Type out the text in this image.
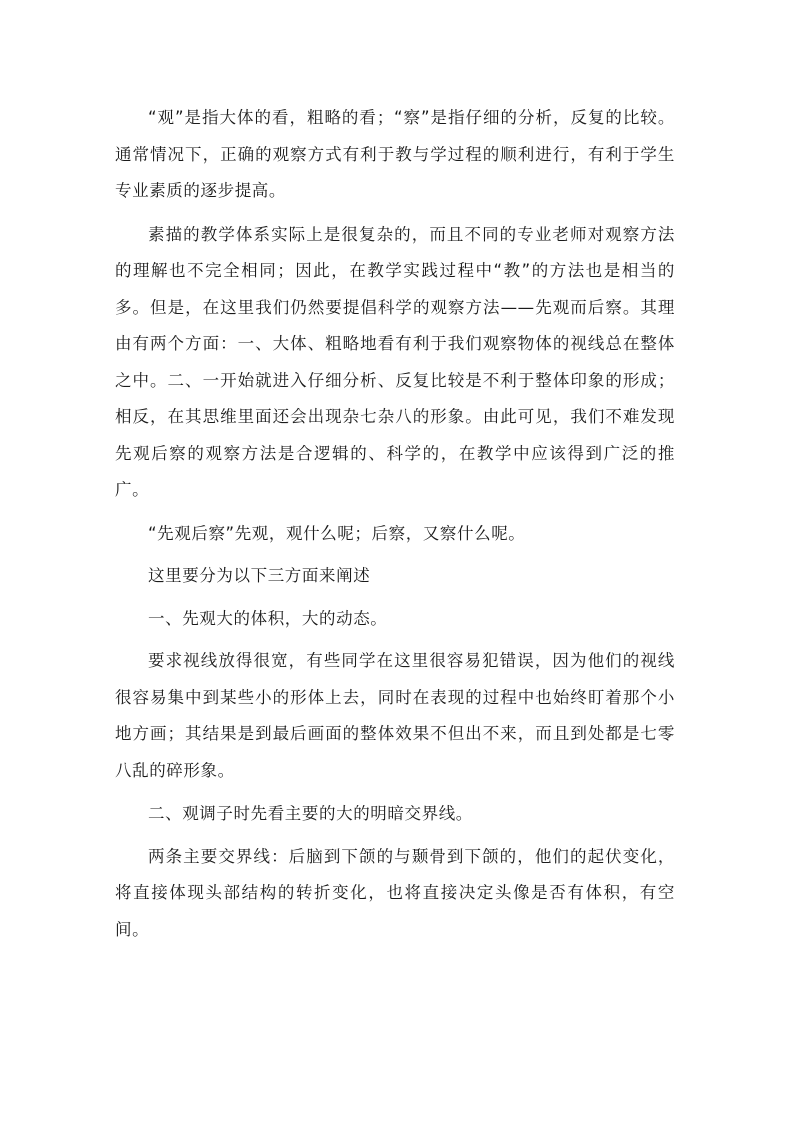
“观”是指大体的看，粗略的看；“察”是指仔细的分析，反复的比较。通常情况下，正确的观察方式有利于教与学过程的顺利进行，有利于学生专业素质的逐步提高。

素描的教学体系实际上是很复杂的，而且不同的专业老师对观察方法的理解也不完全相同；因此，在教学实践过程中“教”的方法也是相当的多。但是，在这里我们仍然要提倡科学的观察方法——先观而后察。其理由有两个方面：一、大体、粗略地看有利于我们观察物体的视线总在整体之中。二、一开始就进入仔细分析、反复比较是不利于整体印象的形成；相反，在其思维里面还会出现杂七杂八的形象。由此可见，我们不难发现先观后察的观察方法是合逻辑的、科学的，在教学中应该得到广泛的推广。

“先观后察”先观，观什么呢；后察，又察什么呢。

这里要分为以下三方面来阐述

一、先观大的体积，大的动态。

要求视线放得很宽，有些同学在这里很容易犯错误，因为他们的视线很容易集中到某些小的形体上去，同时在表现的过程中也始终盯着那个小地方画；其结果是到最后画面的整体效果不但出不来，而且到处都是七零八乱的碎形象。

二、观调子时先看主要的大的明暗交界线。

两条主要交界线：后脑到下颌的与颞骨到下颌的，他们的起伏变化，将直接体现头部结构的转折变化，也将直接决定头像是否有体积，有空间。
